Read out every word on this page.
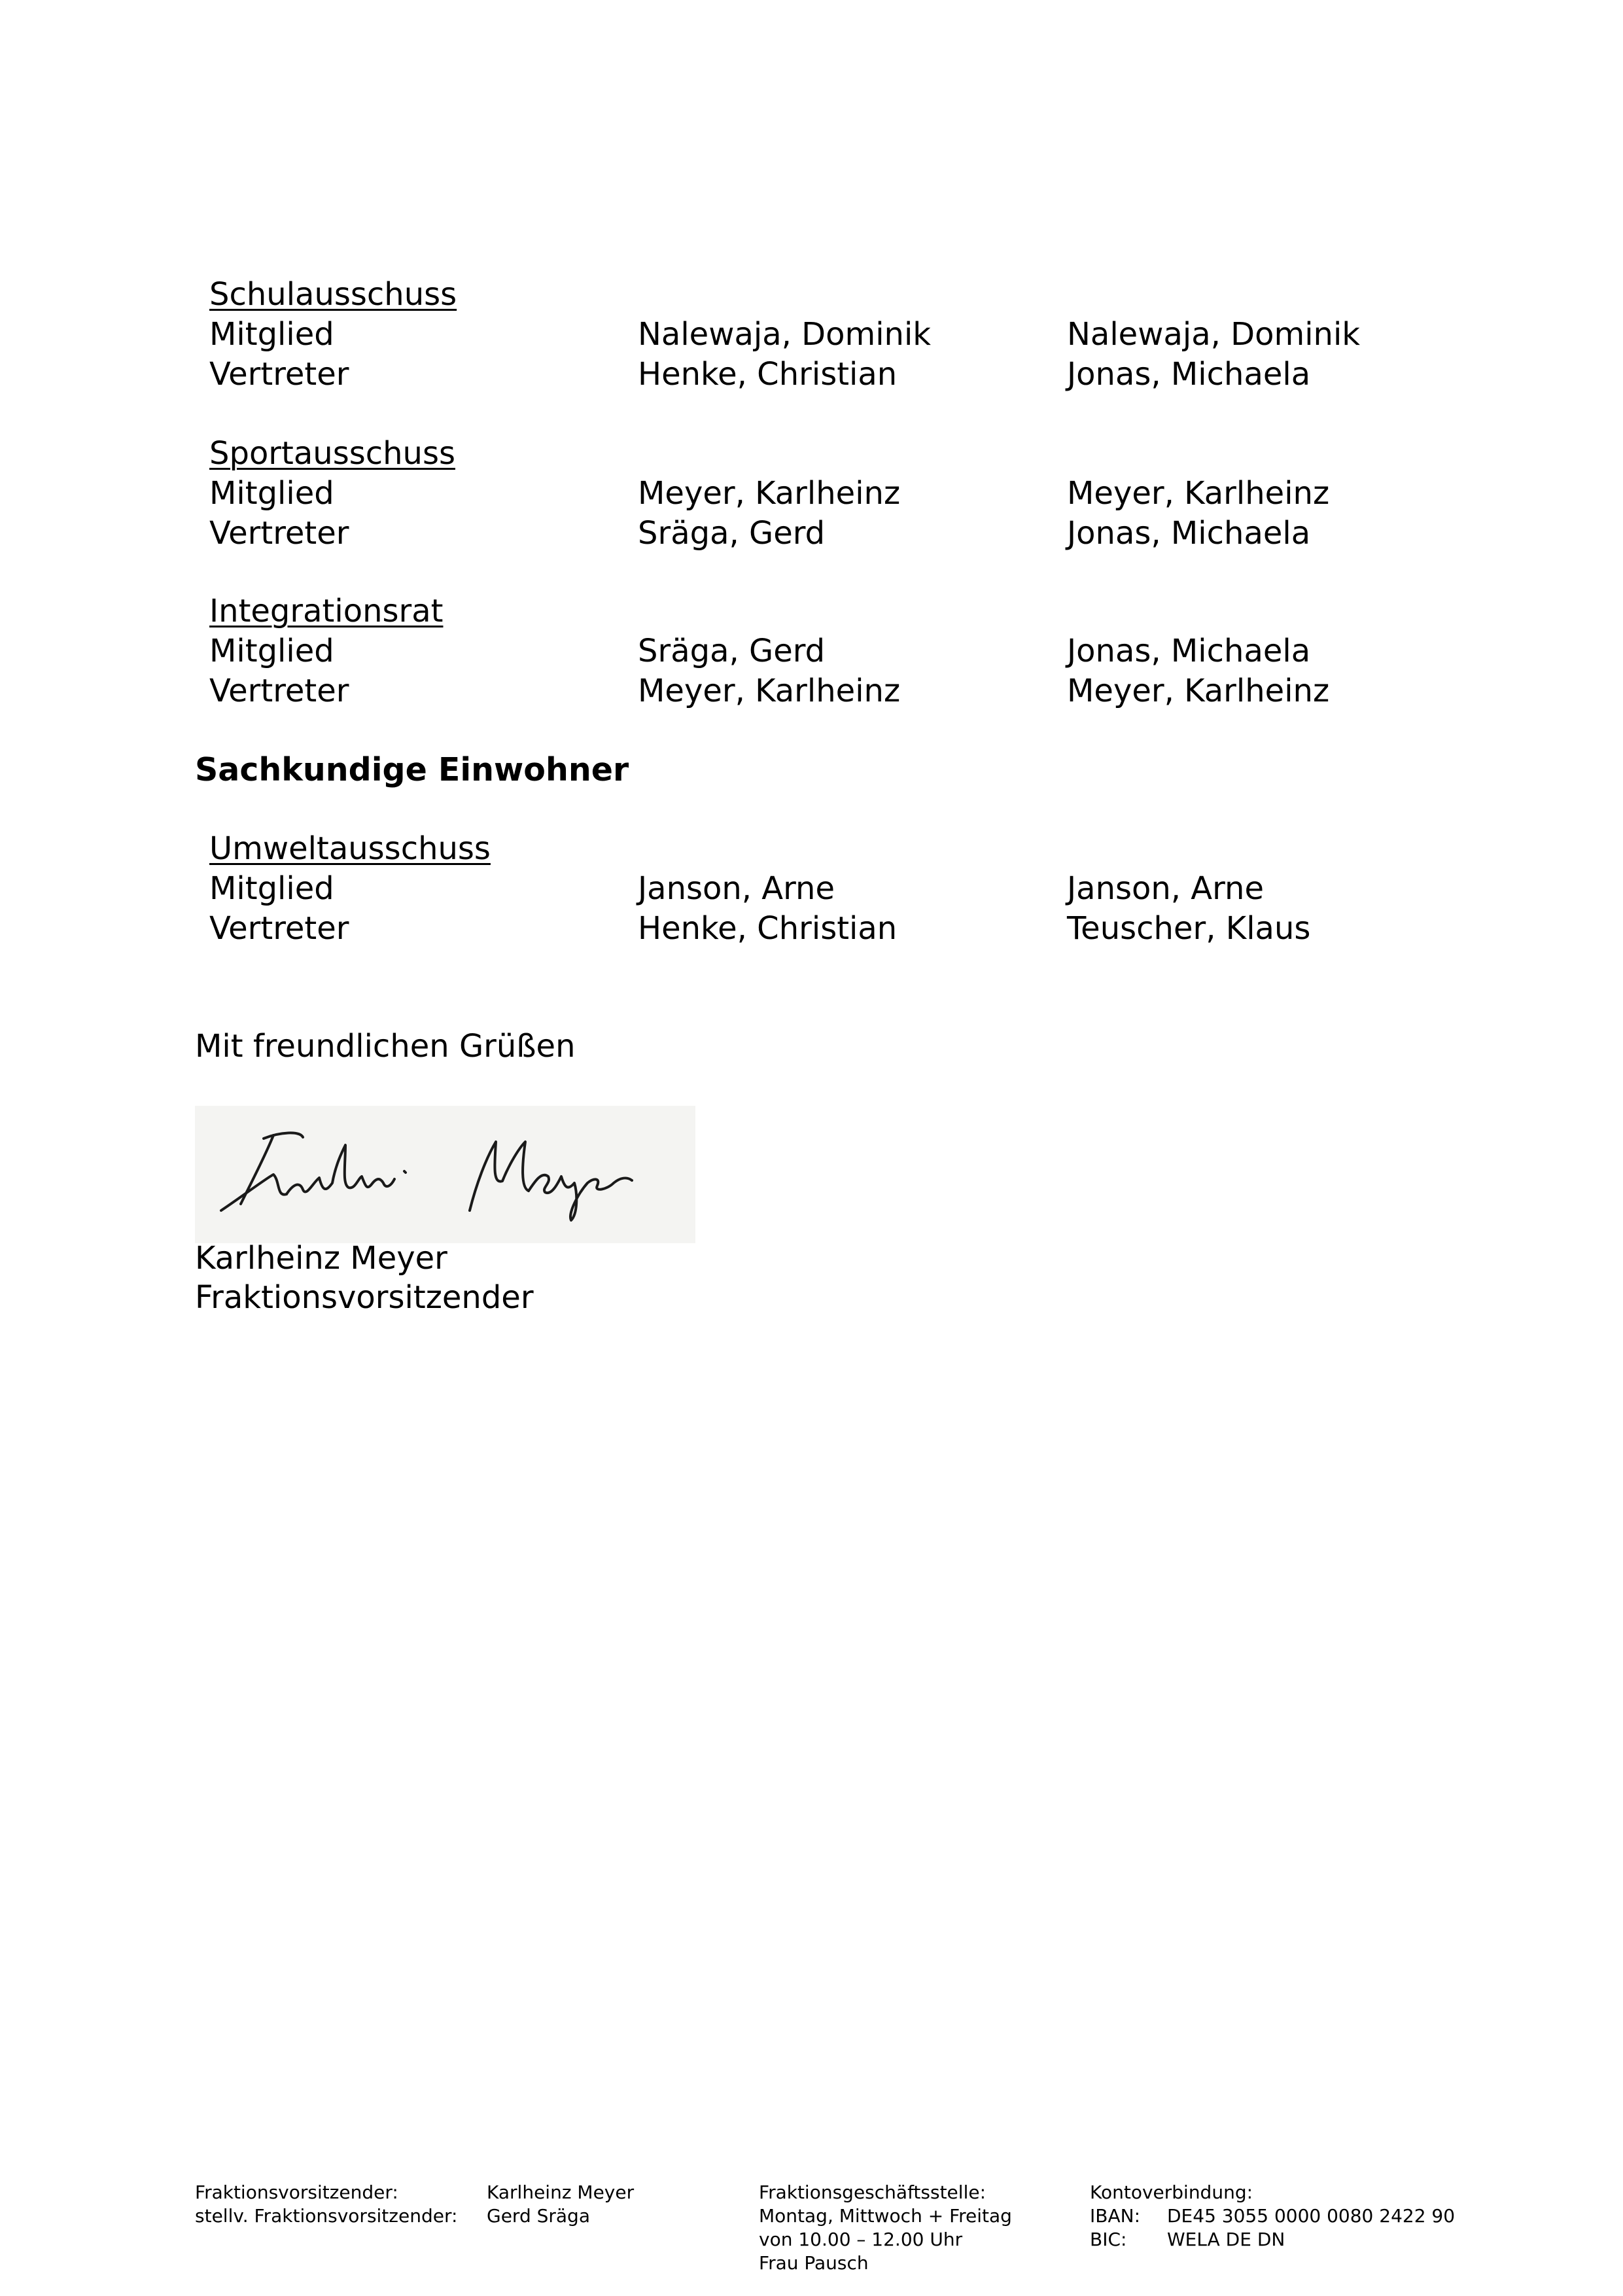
Schulausschuss
Mitglied	Nalewaja, Dominik	Nalewaja, Dominik
Vertreter	Henke, Christian	Jonas, Michaela
Sportausschuss
Mitglied	Meyer, Karlheinz	Meyer, Karlheinz
Vertreter	Sräga, Gerd	Jonas, Michaela
Integrationsrat
Mitglied	Sräga, Gerd	Jonas, Michaela
Vertreter	Meyer, Karlheinz	Meyer, Karlheinz
Sachkundige Einwohner
Umweltausschuss
Mitglied	Janson, Arne	Janson, Arne
Vertreter	Henke, Christian	Teuscher, Klaus
Mit freundlichen Grüßen
Karlheinz Meyer
Fraktionsvorsitzender
Fraktionsvorsitzender:
stellv. Fraktionsvorsitzender:
Karlheinz Meyer
Gerd Sräga
Fraktionsgeschäftsstelle:
Montag, Mittwoch + Freitag
von 10.00 – 12.00 Uhr
Frau Pausch
Kontoverbindung:
IBAN: DE45 3055 0000 0080 2422 90
BIC: WELA DE DN
